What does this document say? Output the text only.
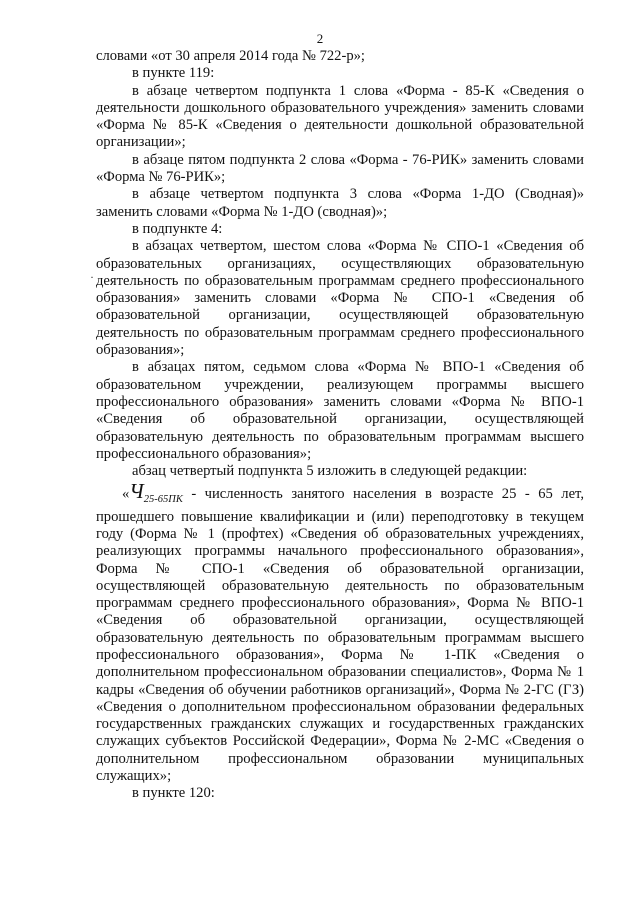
2
·

словами «от 30 апреля 2014 года № 722-р»;

в пункте 119:

в абзаце четвертом подпункта 1 слова «Форма - 85-К «Сведения о деятельности дошкольного образовательного учреждения» заменить словами «Форма № 85-К «Сведения о деятельности дошкольной образовательной организации»;

в абзаце пятом подпункта 2 слова «Форма - 76-РИК» заменить словами «Форма № 76-РИК»;

в абзаце четвертом подпункта 3 слова «Форма 1-ДО (Сводная)» заменить словами «Форма № 1-ДО (сводная)»;

в подпункте 4:

в абзацах четвертом, шестом слова «Форма № СПО-1 «Сведения об образовательных организациях, осуществляющих образовательную деятельность по образовательным программам среднего профессионального образования» заменить словами «Форма № СПО-1 «Сведения об образовательной организации, осуществляющей образовательную деятельность по образовательным программам среднего профессионального образования»;

в абзацах пятом, седьмом слова «Форма № ВПО-1 «Сведения об образовательном учреждении, реализующем программы высшего профессионального образования» заменить словами «Форма № ВПО-1 «Сведения об образовательной организации, осуществляющей образовательную деятельность по образовательным программам высшего профессионального образования»;

абзац четвертый подпункта 5 изложить в следующей редакции:

«$Ч_{25-65ПК}$ - численность занятого населения в возрасте 25 - 65 лет, прошедшего повышение квалификации и (или) переподготовку в текущем году (Форма № 1 (профтех) «Сведения об образовательных учреждениях, реализующих программы начального профессионального образования», Форма № СПО-1 «Сведения об образовательной организации, осуществляющей образовательную деятельность по образовательным программам среднего профессионального образования», Форма № ВПО-1 «Сведения об образовательной организации, осуществляющей образовательную деятельность по образовательным программам высшего профессионального образования», Форма № 1-ПК «Сведения о дополнительном профессиональном образовании специалистов», Форма № 1 кадры «Сведения об обучении работников организаций», Форма № 2-ГС (ГЗ) «Сведения о дополнительном профессиональном образовании федеральных государственных гражданских служащих и государственных гражданских служащих субъектов Российской Федерации», Форма № 2-МС «Сведения о дополнительном профессиональном образовании муниципальных служащих»;

в пункте 120:
